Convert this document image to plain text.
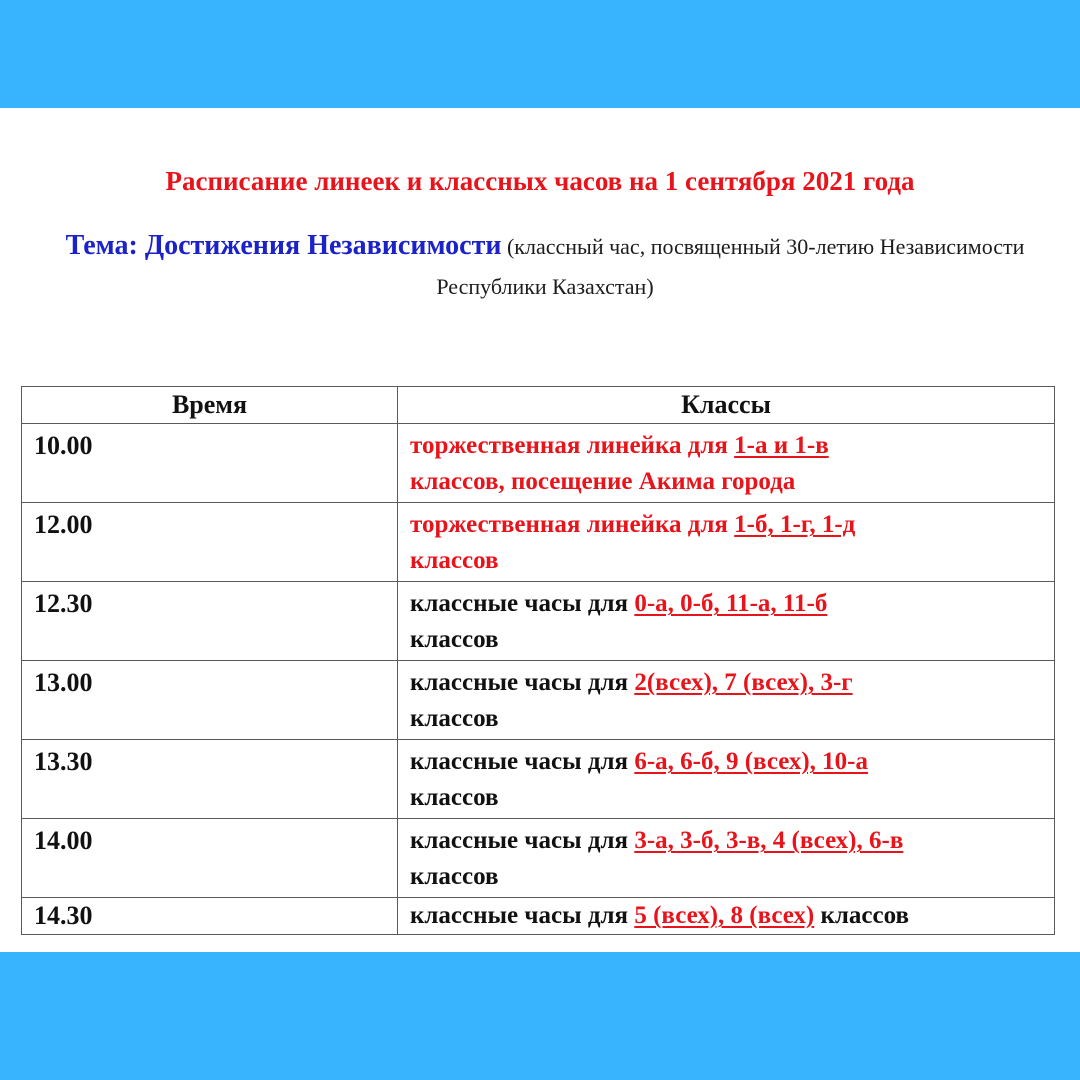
Расписание линеек и классных часов на 1 сентября 2021 года
Тема: Достижения Независимости (классный час, посвященный 30-летию Независимости Республики Казахстан)
Время	Классы
10.00	торжественная линейка для 1-а и 1-в
классов, посещение Акима города
12.00	торжественная линейка для 1-б, 1-г, 1-д
классов
12.30	классные часы для 0-а, 0-б, 11-а, 11-б
классов
13.00	классные часы для 2(всех), 7 (всех), 3-г
классов
13.30	классные часы для 6-а, 6-б, 9 (всех), 10-а
классов
14.00	классные часы для 3-а, 3-б, 3-в, 4 (всех), 6-в
классов
14.30	классные часы для 5 (всех), 8 (всех) классов
